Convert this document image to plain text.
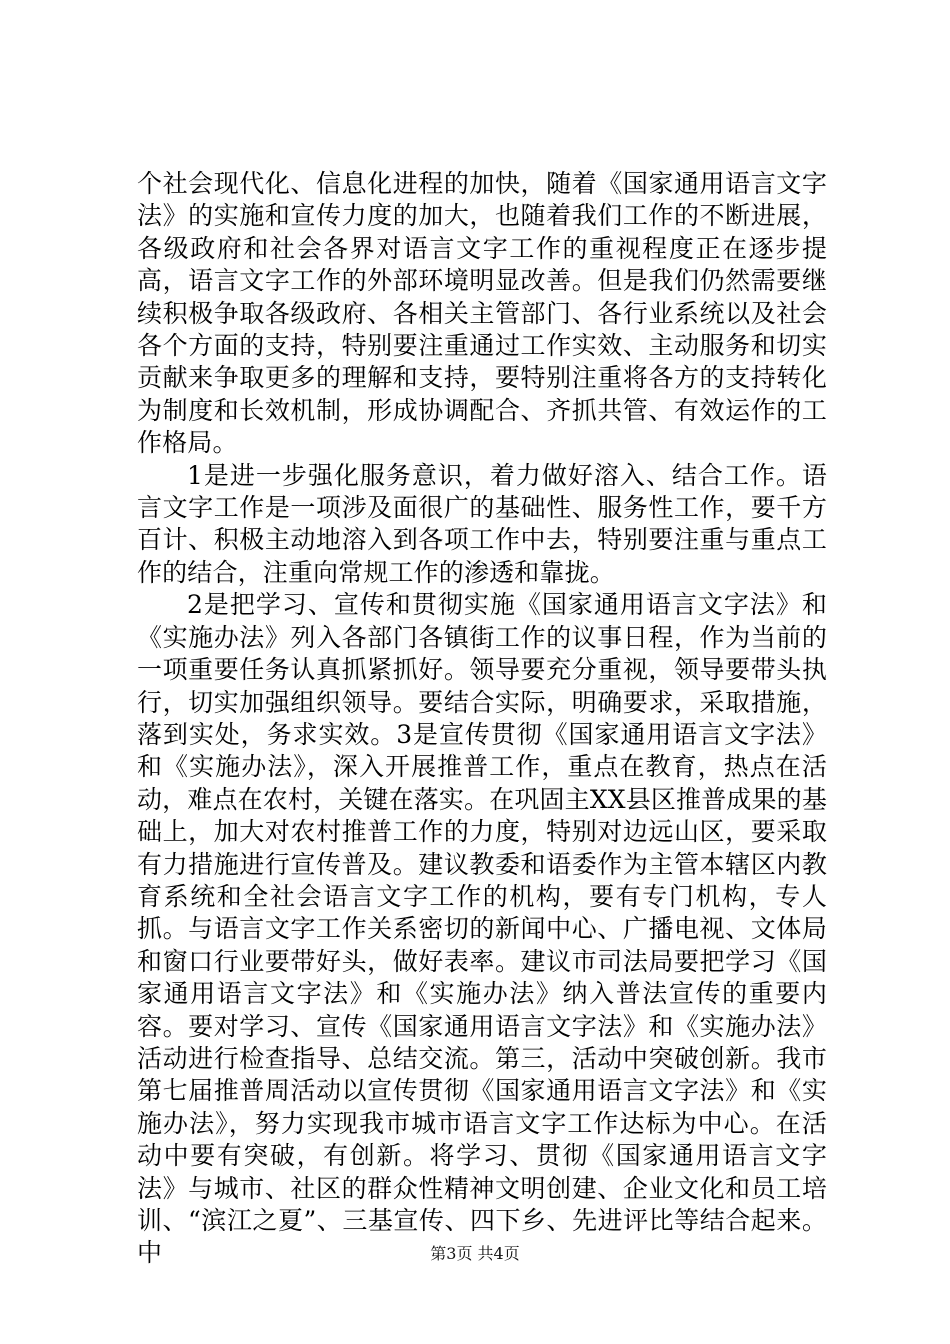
个社会现代化、信息化进程的加快，随着《国家通用语言文字法》的实施和宣传力度的加大，也随着我们工作的不断进展，各级政府和社会各界对语言文字工作的重视程度正在逐步提高，语言文字工作的外部环境明显改善。但是我们仍然需要继续积极争取各级政府、各相关主管部门、各行业系统以及社会各个方面的支持，特别要注重通过工作实效、主动服务和切实贡献来争取更多的理解和支持，要特别注重将各方的支持转化为制度和长效机制，形成协调配合、齐抓共管、有效运作的工作格局。

1是进一步强化服务意识，着力做好溶入、结合工作。语言文字工作是一项涉及面很广的基础性、服务性工作，要千方百计、积极主动地溶入到各项工作中去，特别要注重与重点工作的结合，注重向常规工作的渗透和靠拢。

2是把学习、宣传和贯彻实施《国家通用语言文字法》和《实施办法》列入各部门各镇街工作的议事日程，作为当前的一项重要任务认真抓紧抓好。领导要充分重视，领导要带头执行，切实加强组织领导。要结合实际，明确要求，采取措施，落到实处，务求实效。3是宣传贯彻《国家通用语言文字法》和《实施办法》，深入开展推普工作，重点在教育，热点在活动，难点在农村，关键在落实。在巩固主XX县区推普成果的基础上，加大对农村推普工作的力度，特别对边远山区，要采取有力措施进行宣传普及。建议教委和语委作为主管本辖区内教育系统和全社会语言文字工作的机构，要有专门机构，专人抓。与语言文字工作关系密切的新闻中心、广播电视、文体局和窗口行业要带好头，做好表率。建议市司法局要把学习《国家通用语言文字法》和《实施办法》纳入普法宣传的重要内容。要对学习、宣传《国家通用语言文字法》和《实施办法》活动进行检查指导、总结交流。第三，活动中突破创新。我市第七届推普周活动以宣传贯彻《国家通用语言文字法》和《实施办法》，努力实现我市城市语言文字工作达标为中心。在活动中要有突破，有创新。将学习、贯彻《国家通用语言文字法》与城市、社区的群众性精神文明创建、企业文化和员工培训、“滨江之夏”、三基宣传、四下乡、先进评比等结合起来。中	第3页 共4页
